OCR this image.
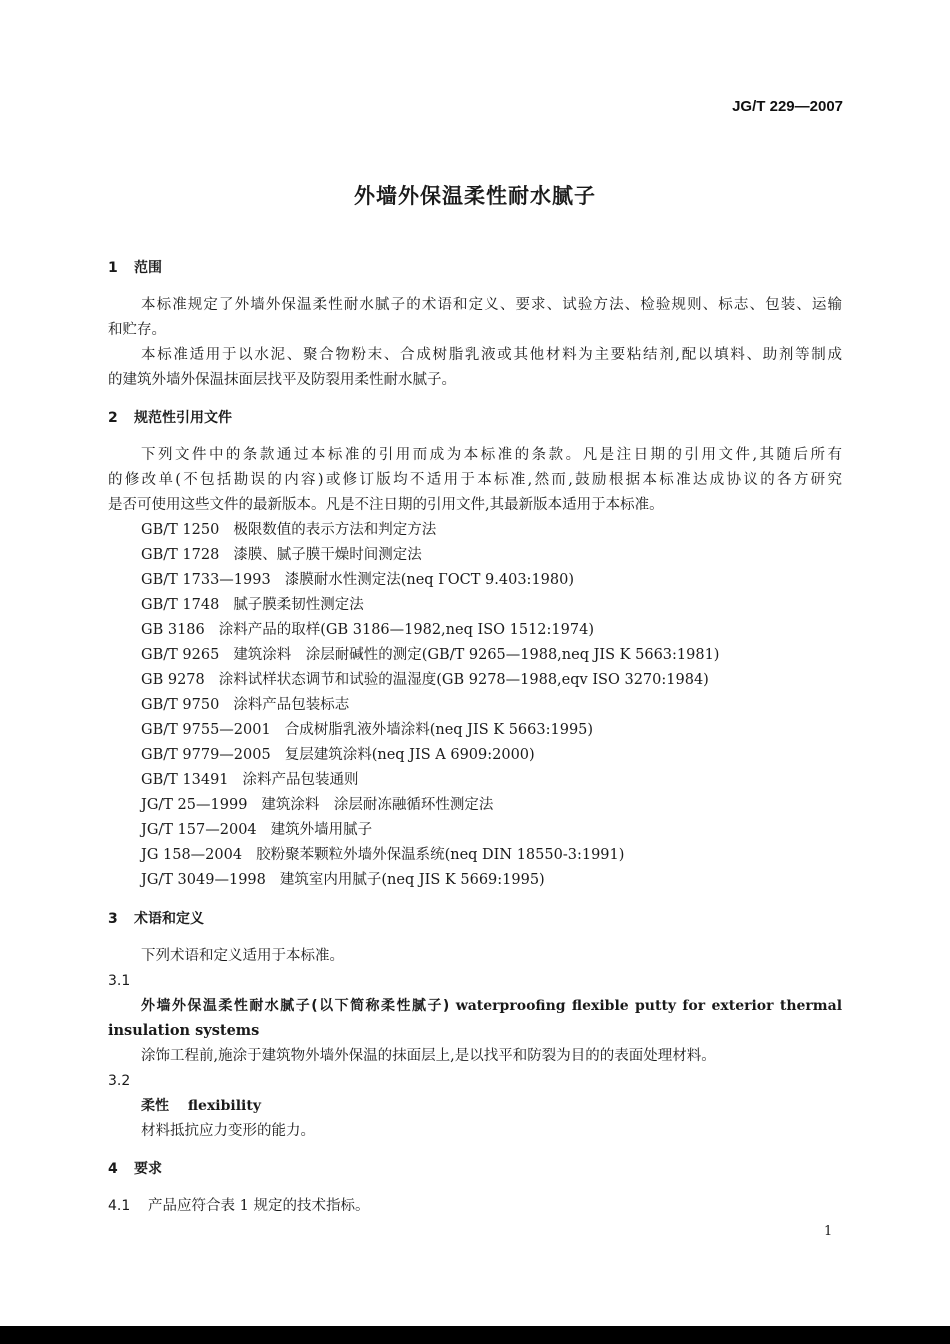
JG/T 229—2007
外墙外保温柔性耐水腻子
1 范围
本标准规定了外墙外保温柔性耐水腻子的术语和定义、要求、试验方法、检验规则、标志、包装、运输
和贮存。
本标准适用于以水泥、聚合物粉末、合成树脂乳液或其他材料为主要粘结剂,配以填料、助剂等制成
的建筑外墙外保温抹面层找平及防裂用柔性耐水腻子。
2 规范性引用文件
下列文件中的条款通过本标准的引用而成为本标准的条款。凡是注日期的引用文件,其随后所有
的修改单(不包括勘误的内容)或修订版均不适用于本标准,然而,鼓励根据本标准达成协议的各方研究
是否可使用这些文件的最新版本。凡是不注日期的引用文件,其最新版本适用于本标准。
GB/T 1250 极限数值的表示方法和判定方法
GB/T 1728 漆膜、腻子膜干燥时间测定法
GB/T 1733—1993 漆膜耐水性测定法(neq ГОСТ 9.403:1980)
GB/T 1748 腻子膜柔韧性测定法
GB 3186 涂料产品的取样(GB 3186—1982,neq ISO 1512:1974)
GB/T 9265 建筑涂料　涂层耐碱性的测定(GB/T 9265—1988,neq JIS K 5663:1981)
GB 9278 涂料试样状态调节和试验的温湿度(GB 9278—1988,eqv ISO 3270:1984)
GB/T 9750 涂料产品包装标志
GB/T 9755—2001 合成树脂乳液外墙涂料(neq JIS K 5663:1995)
GB/T 9779—2005 复层建筑涂料(neq JIS A 6909:2000)
GB/T 13491 涂料产品包装通则
JG/T 25—1999 建筑涂料　涂层耐冻融循环性测定法
JG/T 157—2004 建筑外墙用腻子
JG 158—2004 胶粉聚苯颗粒外墙外保温系统(neq DIN 18550-3:1991)
JG/T 3049—1998 建筑室内用腻子(neq JIS K 5669:1995)
3 术语和定义
下列术语和定义适用于本标准。
3.1
外墙外保温柔性耐水腻子(以下简称柔性腻子) waterproofing flexible putty for exterior thermal
insulation systems
涂饰工程前,施涂于建筑物外墙外保温的抹面层上,是以找平和防裂为目的的表面处理材料。
3.2
柔性　 flexibility
材料抵抗应力变形的能力。
4 要求
4.1 产品应符合表 1 规定的技术指标。
1
